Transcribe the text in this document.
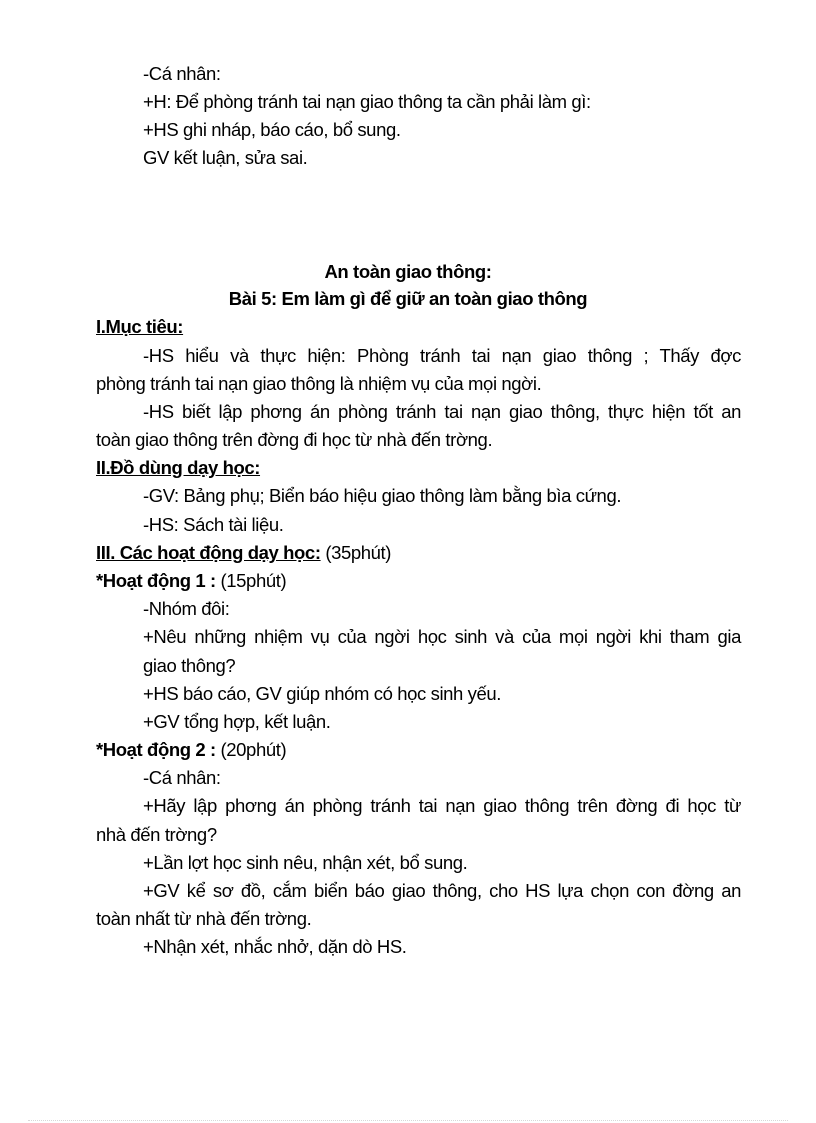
-Cá nhân:
+H: Để phòng tránh tai nạn giao thông ta cần phải làm gì:
+HS ghi nháp, báo cáo, bổ sung.
GV kết luận, sửa sai.
An toàn giao thông:
Bài 5: Em làm gì để giữ an toàn giao thông
I.Mục tiêu:
-HS hiểu và thực hiện: Phòng tránh tai nạn giao thông ; Thấy đợc
phòng tránh tai nạn giao thông là nhiệm vụ của mọi ngời.
-HS biết lập phơng án phòng tránh tai nạn giao thông, thực hiện tốt an
toàn giao thông trên đờng đi học từ nhà đến trờng.
II.Đồ dùng dạy học:
-GV: Bảng phụ; Biển báo hiệu giao thông làm bằng bìa cứng.
-HS: Sách tài liệu.
III. Các hoạt động dạy học: (35phút)
*Hoạt động 1 : (15phút)
-Nhóm đôi:
+Nêu những nhiệm vụ của ngời học sinh và của mọi ngời khi tham gia
giao thông?
+HS báo cáo, GV giúp nhóm có học sinh yếu.
+GV tổng hợp, kết luận.
*Hoạt động 2 : (20phút)
-Cá nhân:
+Hãy lập phơng án phòng tránh tai nạn giao thông trên đờng đi học từ
nhà đến trờng?
+Lần lợt học sinh nêu, nhận xét, bổ sung.
+GV kể sơ đồ, cắm biển báo giao thông, cho HS lựa chọn con đờng an
toàn nhất từ nhà đến trờng.
+Nhận xét, nhắc nhở, dặn dò HS.
